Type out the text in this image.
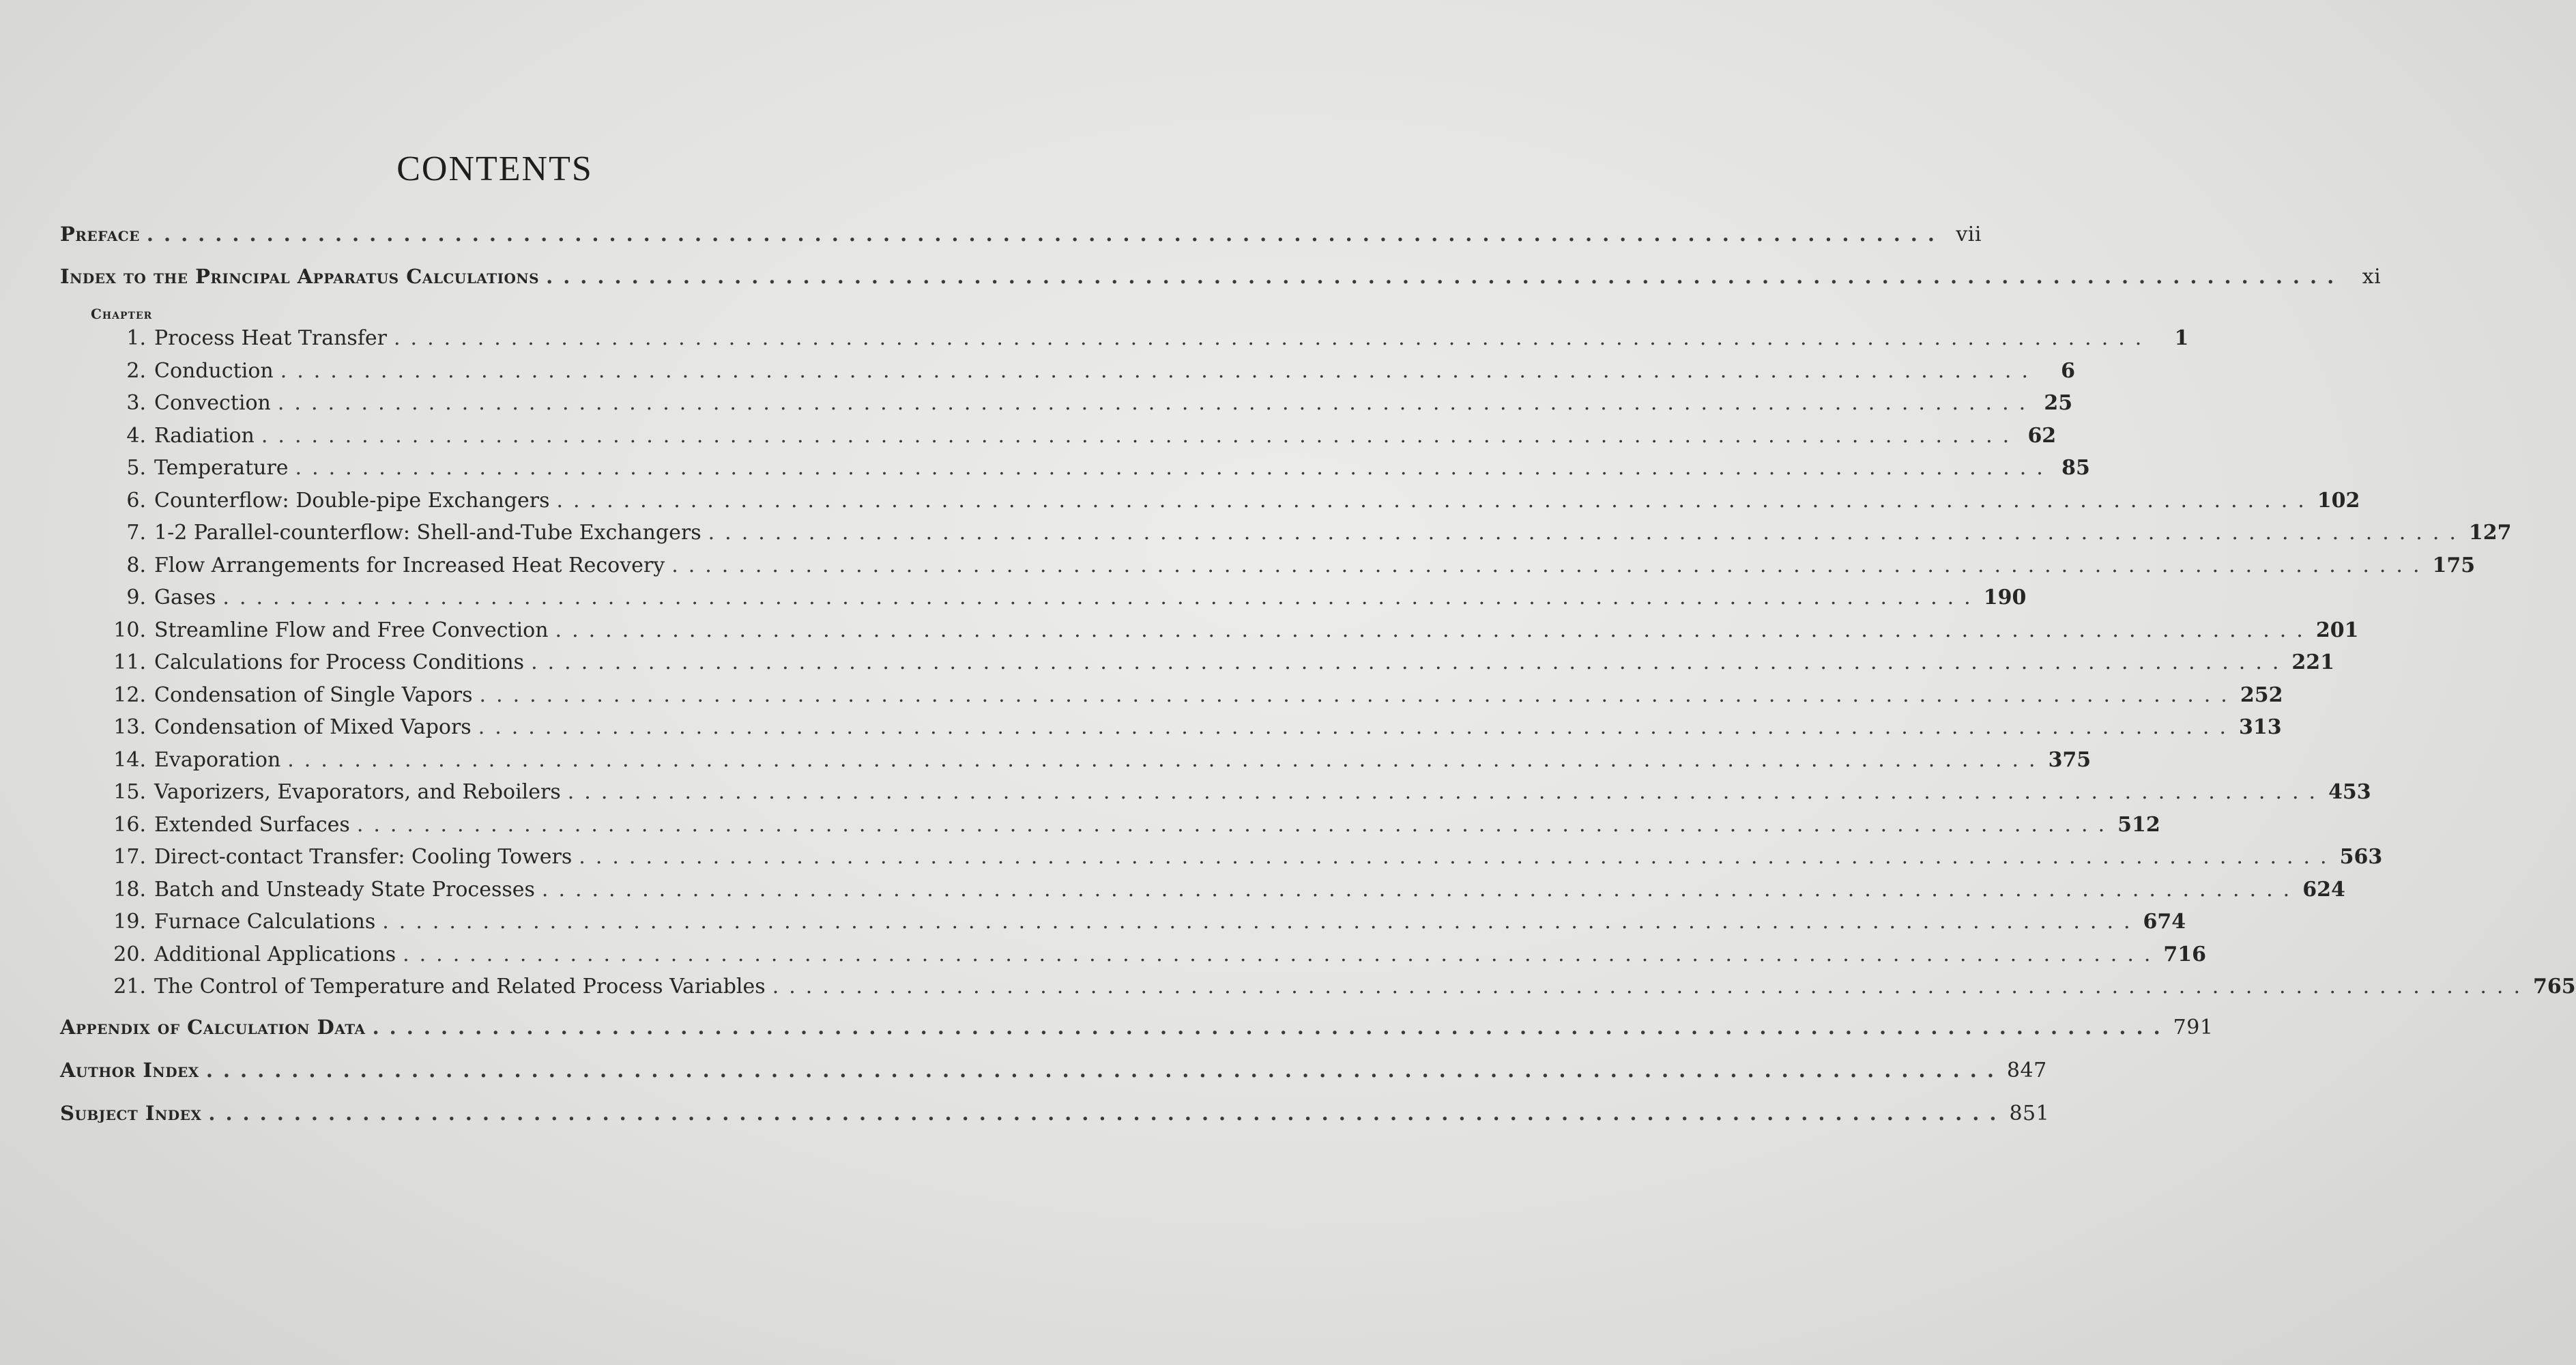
CONTENTS
Preface ......................................................................................................... vii
Index to the Principal Apparatus Calculations ......................................................................................................... xi
Chapter
1. Process Heat Transfer .........................................................................................................	1
2. Conduction .........................................................................................................	6
3. Convection ......................................................................................................... 25
4. Radiation ......................................................................................................... 62
5. Temperature ......................................................................................................... 85
6. Counterflow: Double-pipe Exchangers ......................................................................................................... 102
7. 1-2 Parallel-counterflow: Shell-and-Tube Exchangers ......................................................................................................... 127
8. Flow Arrangements for Increased Heat Recovery ......................................................................................................... 175
9. Gases ......................................................................................................... 190
10. Streamline Flow and Free Convection ......................................................................................................... 201
11. Calculations for Process Conditions ......................................................................................................... 221
12. Condensation of Single Vapors ......................................................................................................... 252
13. Condensation of Mixed Vapors ......................................................................................................... 313
14. Evaporation ......................................................................................................... 375
15. Vaporizers, Evaporators, and Reboilers ......................................................................................................... 453
16. Extended Surfaces ......................................................................................................... 512
17. Direct-contact Transfer: Cooling Towers ......................................................................................................... 563
18. Batch and Unsteady State Processes ......................................................................................................... 624
19. Furnace Calculations ......................................................................................................... 674
20. Additional Applications ......................................................................................................... 716
21. The Control of Temperature and Related Process Variables ......................................................................................................... 765
Appendix of Calculation Data ......................................................................................................... 791
Author Index ......................................................................................................... 847
Subject Index ......................................................................................................... 851
